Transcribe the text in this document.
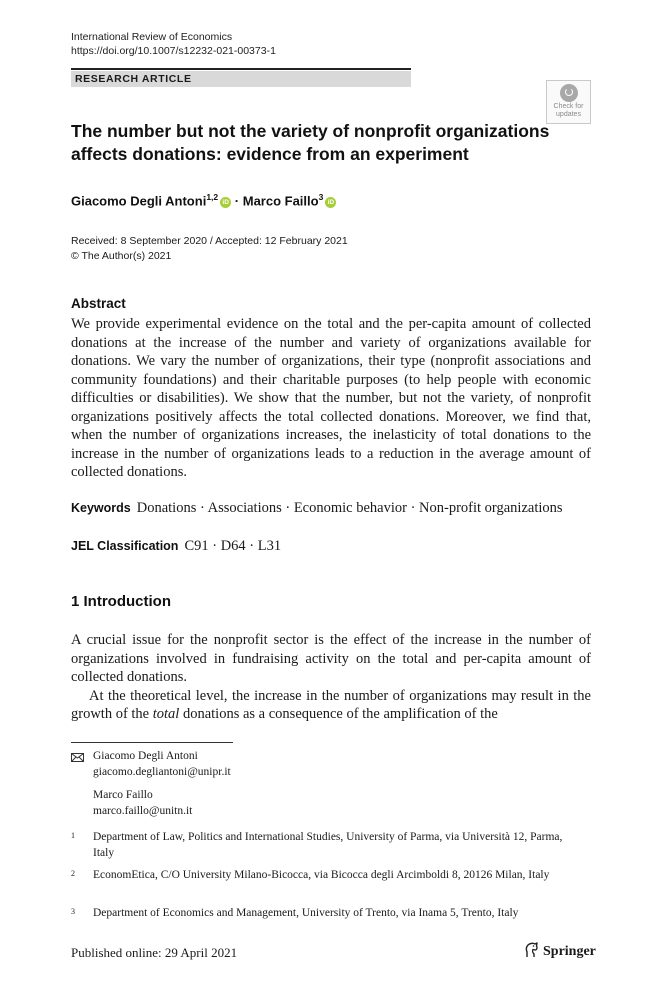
International Review of Economics
https://doi.org/10.1007/s12232-021-00373-1
RESEARCH ARTICLE
Check for
updates
The number but not the variety of nonprofit organizations
affects donations: evidence from an experiment
Giacomo Degli Antoni$^{1,2}$iD · Marco Faillo$^3$iD
Received: 8 September 2020 / Accepted: 12 February 2021
© The Author(s) 2021
Abstract
We provide experimental evidence on the total and the per-capita amount of collected donations at the increase of the number and variety of organizations available for donations. We vary the number of organizations, their type (nonprofit associations and community foundations) and their charitable purposes (to help people with economic difficulties or disabilities). We show that the number, but not the variety, of nonprofit organizations positively affects the total collected donations. Moreover, we find that, when the number of organizations increases, the inelasticity of total donations to the increase in the number of organizations leads to a reduction in the average amount of collected donations.
Keywords Donations · Associations · Economic behavior · Non-profit organizations
JEL Classification C91 · D64 · L31
1 Introduction
A crucial issue for the nonprofit sector is the effect of the increase in the number of organizations involved in fundraising activity on the total and per-capita amount of collected donations.
At the theoretical level, the increase in the number of organizations may result in the growth of the total donations as a consequence of the amplification of the
Giacomo Degli Antoni
giacomo.degliantoni@unipr.it
Marco Faillo
marco.faillo@unitn.it
1 Department of Law, Politics and International Studies, University of Parma, via Università 12, Parma, Italy
2 EconomEtica, C/O University Milano-Bicocca, via Bicocca degli Arcimboldi 8, 20126 Milan, Italy
3 Department of Economics and Management, University of Trento, via Inama 5, Trento, Italy
Published online: 29 April 2021	Springer
